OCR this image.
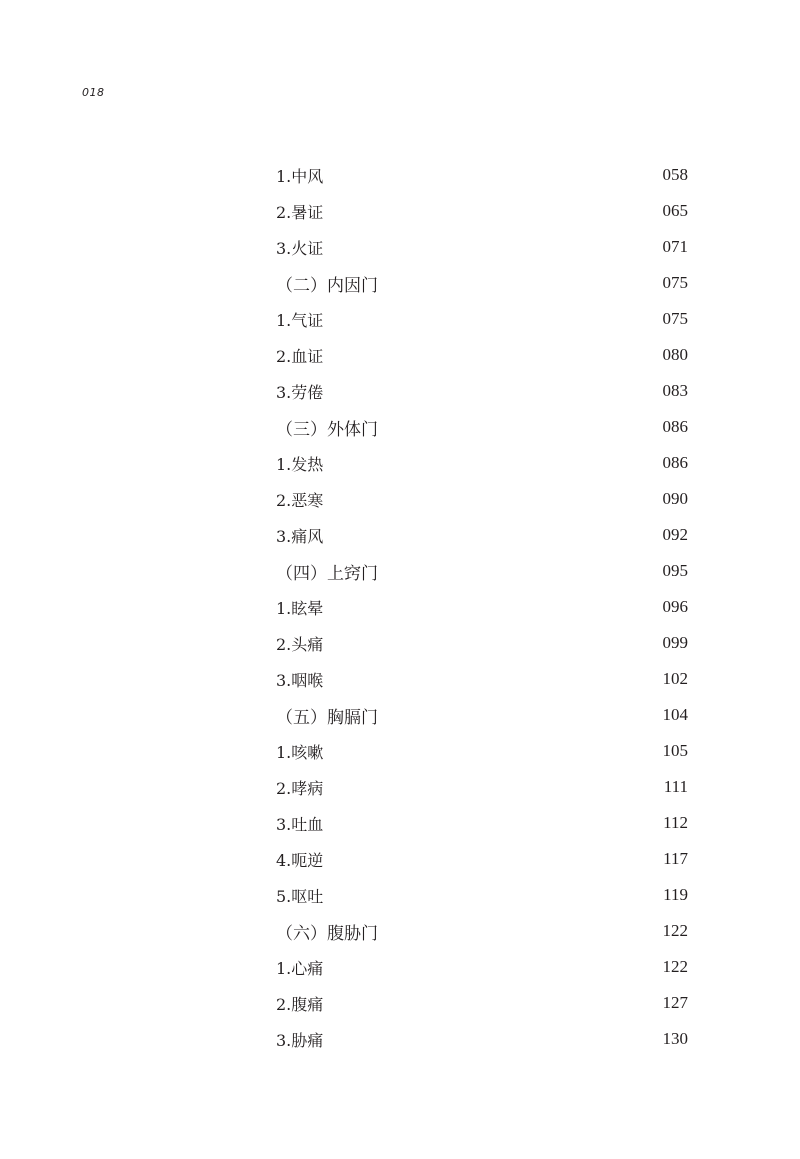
018
1.中风	058
2.暑证	065
3.火证	071
（二）内因门	075
1.气证	075
2.血证	080
3.劳倦	083
（三）外体门	086
1.发热	086
2.恶寒	090
3.痛风	092
（四）上窍门	095
1.眩晕	096
2.头痛	099
3.咽喉	102
（五）胸膈门	104
1.咳嗽	105
2.哮病	111
3.吐血	112
4.呃逆	117
5.呕吐	119
（六）腹胁门	122
1.心痛	122
2.腹痛	127
3.胁痛	130
